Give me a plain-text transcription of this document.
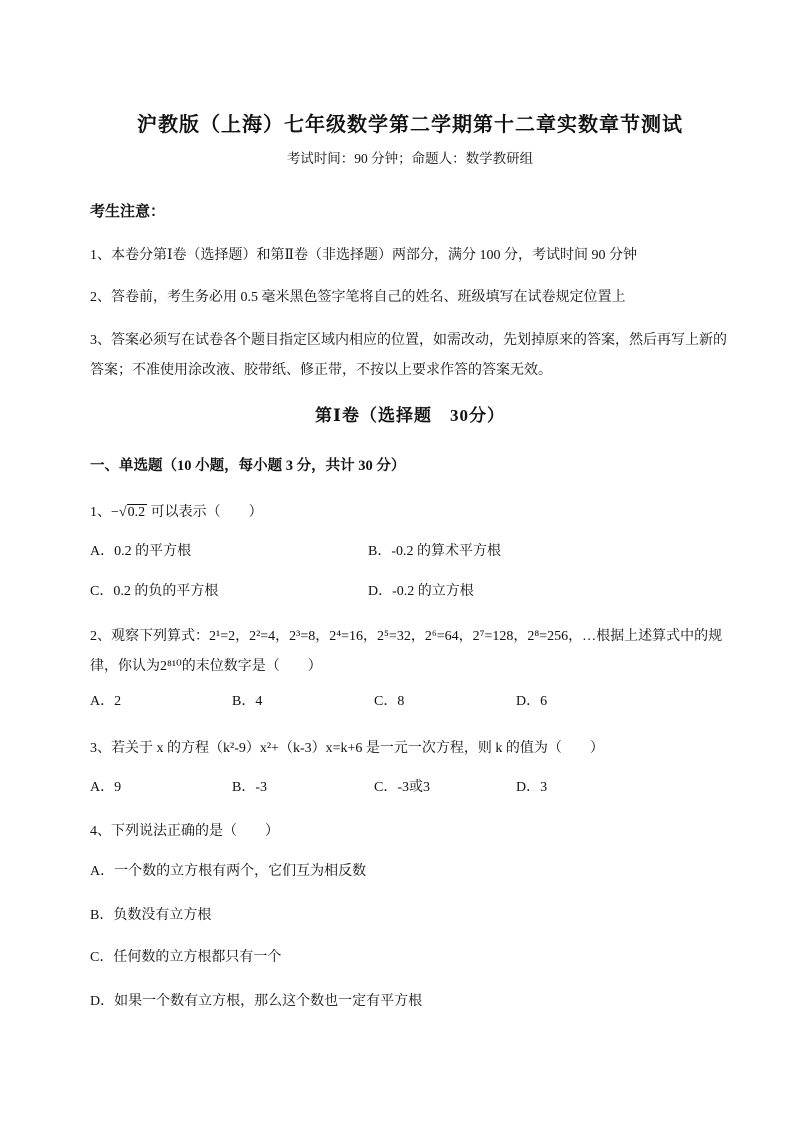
沪教版（上海）七年级数学第二学期第十二章实数章节测试
考试时间：90 分钟；命题人：数学教研组
考生注意：
1、本卷分第Ⅰ卷（选择题）和第Ⅱ卷（非选择题）两部分，满分 100 分，考试时间 90 分钟
2、答卷前，考生务必用 0.5 毫米黑色签字笔将自己的姓名、班级填写在试卷规定位置上
3、答案必须写在试卷各个题目指定区域内相应的位置，如需改动，先划掉原来的答案，然后再写上新的答案；不准使用涂改液、胶带纸、修正带，不按以上要求作答的答案无效。
第Ⅰ卷（选择题　30分）
一、单选题（10 小题，每小题 3 分，共计 30 分）
1、−√0.2 可以表示（　　）
A．0.2 的平方根	B．-0.2 的算术平方根
C．0.2 的负的平方根	D．-0.2 的立方根
2、观察下列算式：2¹=2，2²=4，2³=8，2⁴=16，2⁵=32，2⁶=64，2⁷=128，2⁸=256，…根据上述算式中的规律，你认为2⁸¹⁰的末位数字是（　　）
A．2	B．4	C．8	D．6
3、若关于 x 的方程（k²-9）x²+（k-3）x=k+6 是一元一次方程，则 k 的值为（　　）
A．9	B．-3	C．-3或3	D．3
4、下列说法正确的是（　　）
A．一个数的立方根有两个，它们互为相反数
B．负数没有立方根
C．任何数的立方根都只有一个
D．如果一个数有立方根，那么这个数也一定有平方根
